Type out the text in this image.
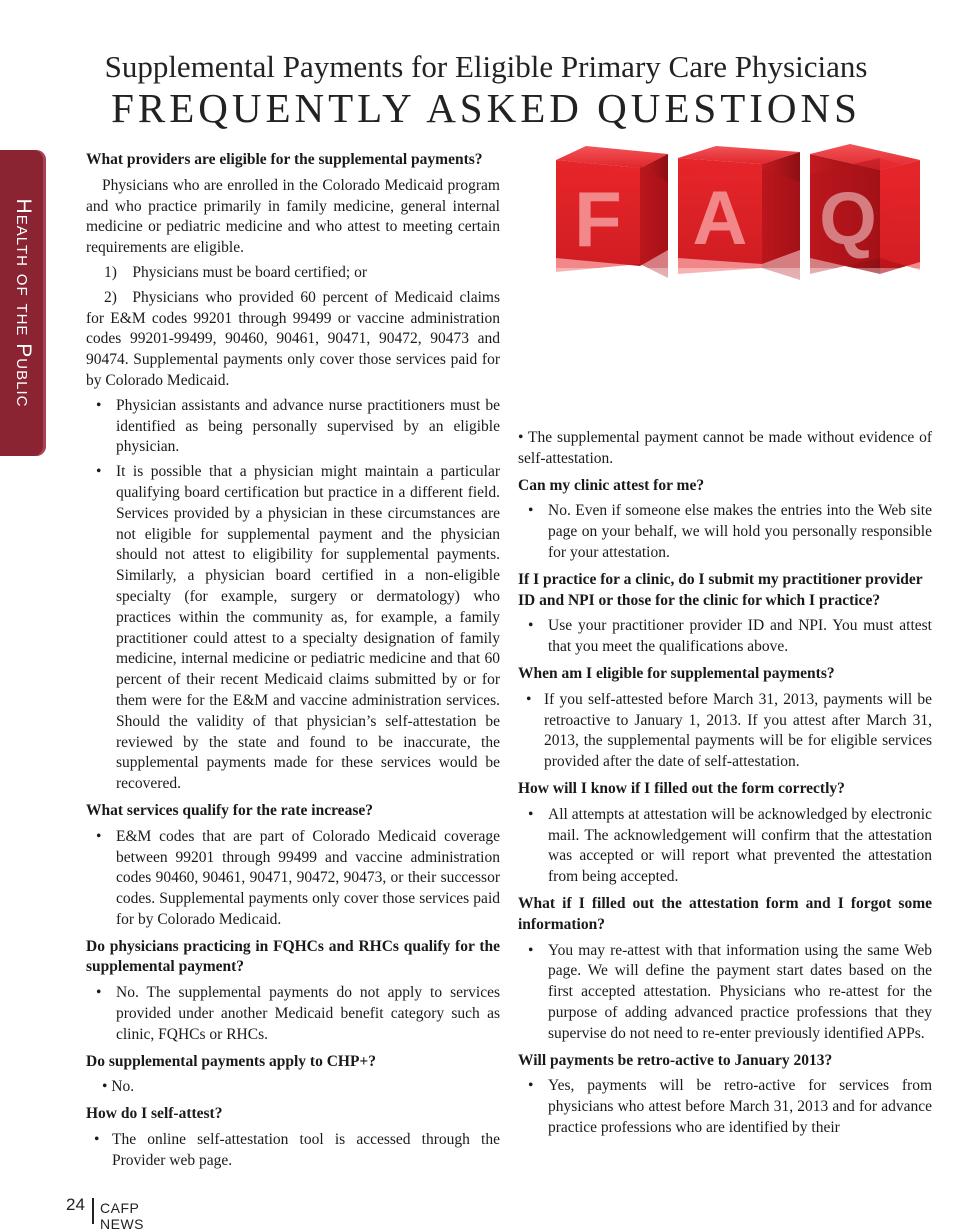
Supplemental Payments for Eligible Primary Care Physicians
FREQUENTLY ASKED QUESTIONS
Health of the Public
What providers are eligible for the supplemental payments?

Physicians who are enrolled in the Colorado Medicaid program and who practice primarily in family medicine, general internal medicine or pediatric medicine and who attest to meeting certain requirements are eligible.

1) Physicians must be board certified; or

2) Physicians who provided 60 percent of Medicaid claims for E&M codes 99201 through 99499 or vaccine administration codes 99201-99499, 90460, 90461, 90471, 90472, 90473 and 90474. Supplemental payments only cover those services paid for by Colorado Medicaid.

• Physician assistants and advance nurse practitioners must be identified as being personally supervised by an eligible physician.
• It is possible that a physician might maintain a particular qualifying board certification but practice in a different field. Services provided by a physician in these circumstances are not eligible for supplemental payment and the physician should not attest to eligibility for supplemental payments. Similarly, a physician board certified in a non-eligible specialty (for example, surgery or dermatology) who practices within the community as, for example, a family practitioner could attest to a specialty designation of family medicine, internal medicine or pediatric medicine and that 60 percent of their recent Medicaid claims submitted by or for them were for the E&M and vaccine administration services. Should the validity of that physician’s self-attestation be reviewed by the state and found to be inaccurate, the supplemental payments made for these services would be recovered.
What services qualify for the rate increase?
• E&M codes that are part of Colorado Medicaid coverage between 99201 through 99499 and vaccine administration codes 90460, 90461, 90471, 90472, 90473, or their successor codes. Supplemental payments only cover those services paid for by Colorado Medicaid.
Do physicians practicing in FQHCs and RHCs qualify for the supplemental payment?
• No. The supplemental payments do not apply to services provided under another Medicaid benefit category such as clinic, FQHCs or RHCs.
Do supplemental payments apply to CHP+?

• No.

How do I self-attest?
• The online self-attestation tool is accessed through the Provider web page.

• The supplemental payment cannot be made without evidence of self-attestation.

Can my clinic attest for me?
• No. Even if someone else makes the entries into the Web site page on your behalf, we will hold you personally responsible for your attestation.
If I practice for a clinic, do I submit my practitioner provider ID and NPI or those for the clinic for which I practice?
• Use your practitioner provider ID and NPI. You must attest that you meet the qualifications above.
When am I eligible for supplemental payments?
• If you self-attested before March 31, 2013, payments will be retroactive to January 1, 2013. If you attest after March 31, 2013, the supplemental payments will be for eligible services provided after the date of self-attestation.
How will I know if I filled out the form correctly?
• All attempts at attestation will be acknowledged by electronic mail. The acknowledgement will confirm that the attestation was accepted or will report what prevented the attestation from being accepted.
What if I filled out the attestation form and I forgot some information?
• You may re-attest with that information using the same Web page. We will define the payment start dates based on the first accepted attestation. Physicians who re-attest for the purpose of adding advanced practice professions that they supervise do not need to re-enter previously identified APPs.
Will payments be retro-active to January 2013?
• Yes, payments will be retro-active for services from physicians who attest before March 31, 2013 and for advance practice professions who are identified by their
24 CAFP NEWS
